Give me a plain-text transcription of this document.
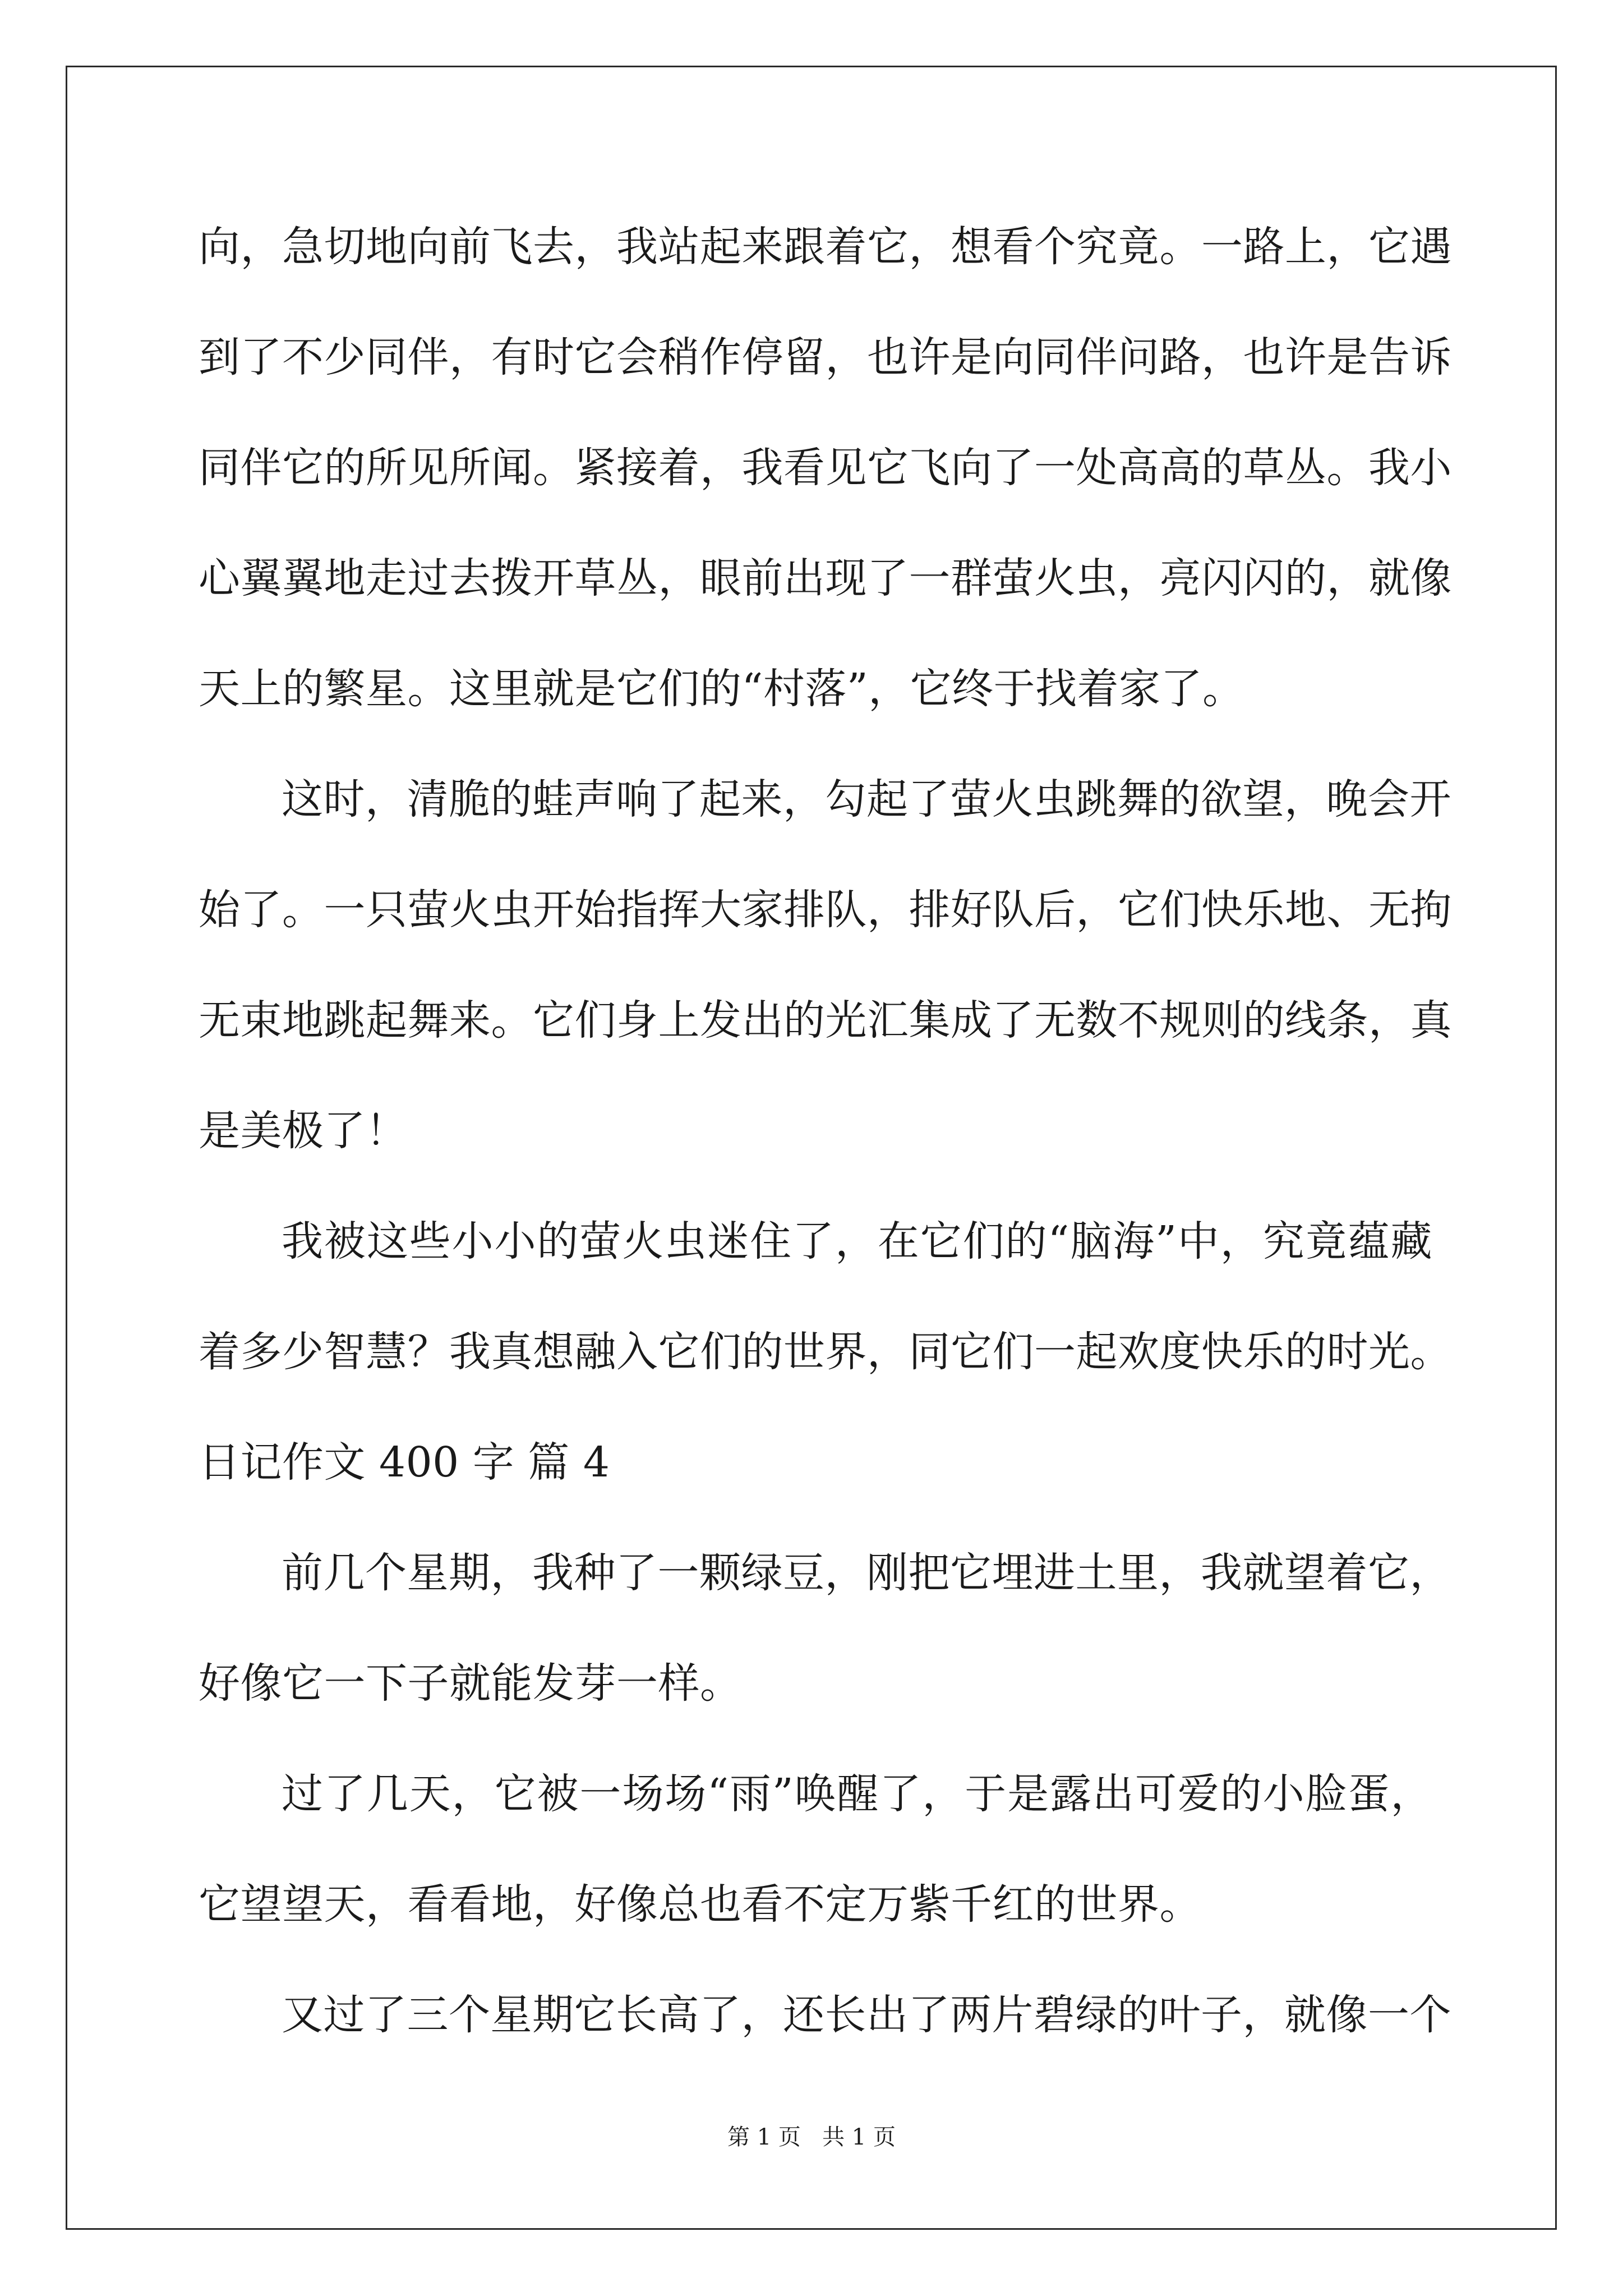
向，急切地向前飞去，我站起来跟着它，想看个究竟。一路上，它遇
到了不少同伴，有时它会稍作停留，也许是向同伴问路，也许是告诉
同伴它的所见所闻。紧接着，我看见它飞向了一处高高的草丛。我小
心翼翼地走过去拨开草丛，眼前出现了一群萤火虫，亮闪闪的，就像
天上的繁星。这里就是它们的“村落”，它终于找着家了。
这时，清脆的蛙声响了起来，勾起了萤火虫跳舞的欲望，晚会开
始了。一只萤火虫开始指挥大家排队，排好队后，它们快乐地、无拘
无束地跳起舞来。它们身上发出的光汇集成了无数不规则的线条，真
是美极了！
我被这些小小的萤火虫迷住了，在它们的“脑海”中，究竟蕴藏
着多少智慧？我真想融入它们的世界，同它们一起欢度快乐的时光。
日记作文 400 字 篇 4
前几个星期，我种了一颗绿豆，刚把它埋进土里，我就望着它，
好像它一下子就能发芽一样。
过了几天，它被一场场“雨”唤醒了，于是露出可爱的小脸蛋，
它望望天，看看地，好像总也看不定万紫千红的世界。
又过了三个星期它长高了，还长出了两片碧绿的叶子，就像一个
第 1 页   共 1 页
